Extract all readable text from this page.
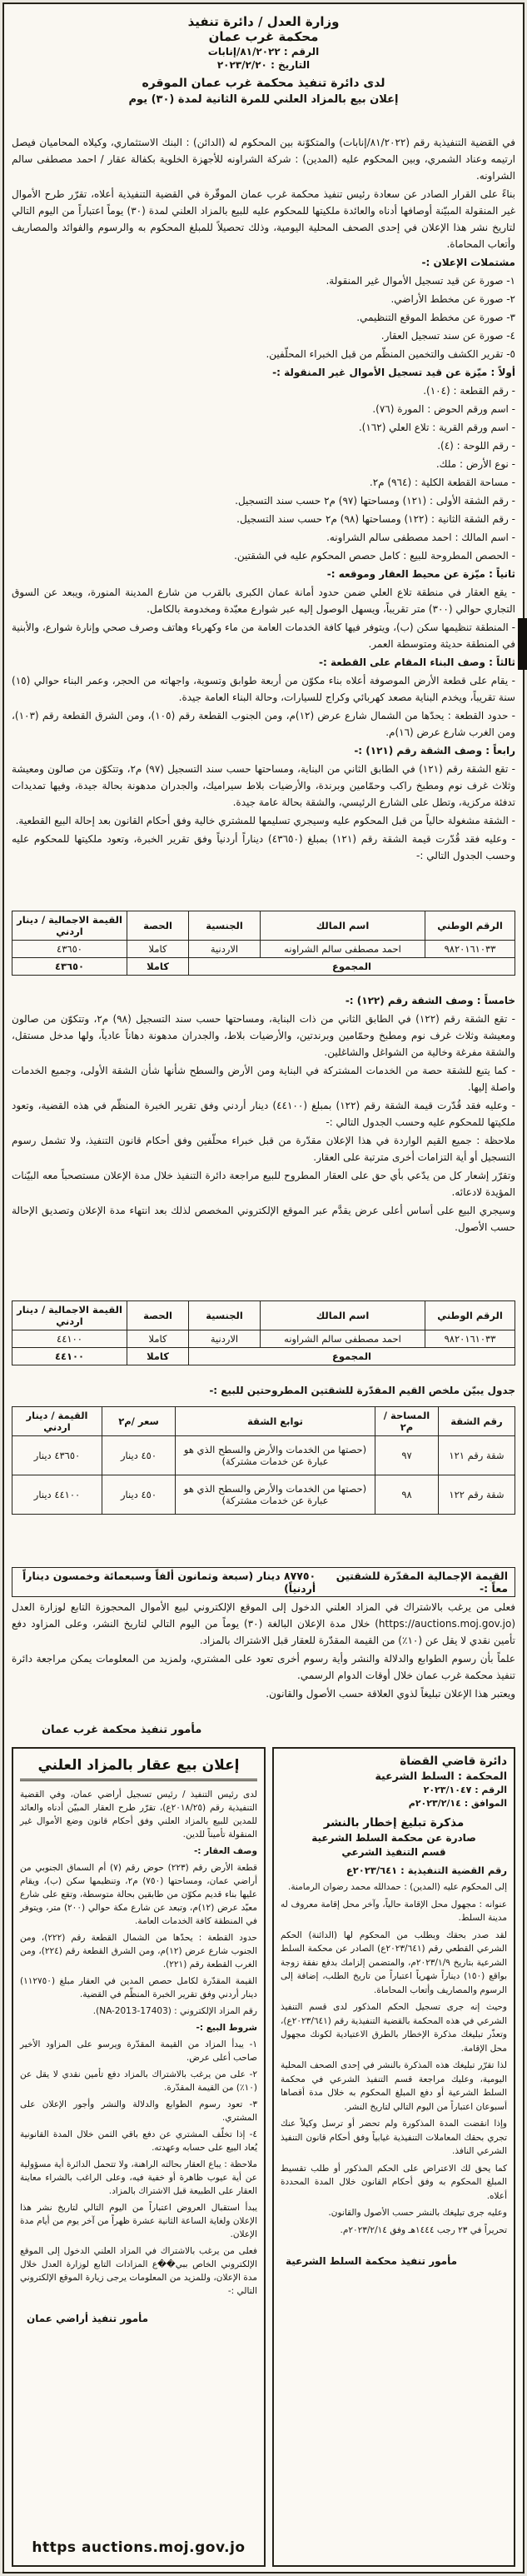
وزارة العدل / دائرة تنفيذ
محكمة غرب عمان
الرقم : ٨١/٢٠٢٢/إنابات
التاريخ : ٢٠٢٣/٢/٢٠
لدى دائرة تنفيذ محكمة غرب عمان الموقره
إعلان بيع بالمزاد العلني للمرة الثانية لمدة (٣٠) يوم
في القضية التنفيذية رقم (٨١/٢٠٢٢/إنابات) والمتكوّنة بين المحكوم له (الدائن) : البنك الاستثماري، وكيلاه المحاميان فيصل ارتيمه وعناد الشمري، وبين المحكوم عليه (المدين) : شركة الشراونه للأجهزة الخلوية بكفالة عقار / احمد مصطفى سالم الشراونه.
بناءً على القرار الصادر عن سعادة رئيس تنفيذ محكمة غرب عمان الموقّرة في القضية التنفيذية أعلاه، تقرّر طرح الأموال غير المنقولة المبيّنة أوصافها أدناه والعائدة ملكيتها للمحكوم عليه للبيع بالمزاد العلني لمدة (٣٠) يوماً اعتباراً من اليوم التالي لتاريخ نشر هذا الإعلان في إحدى الصحف المحلية اليومية، وذلك تحصيلاً للمبلغ المحكوم به والرسوم والفوائد والمصاريف وأتعاب المحاماة.
مشتملات الإعلان :-
١- صورة عن قيد تسجيل الأموال غير المنقولة.
٢- صورة عن مخطط الأراضي.
٣- صورة عن مخطط الموقع التنظيمي.
٤- صورة عن سند تسجيل العقار.
٥- تقرير الكشف والتخمين المنظّم من قبل الخبراء المحلّفين.
أولاً : ميّزة عن قيد تسجيل الأموال غير المنقولة :-
- رقم القطعة : (١٠٤).
- اسم ورقم الحوض : المورة (٧٦).
- اسم ورقم القرية : تلاع العلي (١٦٢).
- رقم اللوحة : (٤).
- نوع الأرض : ملك.
- مساحة القطعة الكلية : (٩٦٤) م٢.
- رقم الشقة الأولى : (١٢١) ومساحتها (٩٧) م٢ حسب سند التسجيل.
- رقم الشقة الثانية : (١٢٢) ومساحتها (٩٨) م٢ حسب سند التسجيل.
- اسم المالك : احمد مصطفى سالم الشراونه.
- الحصص المطروحة للبيع : كامل حصص المحكوم عليه في الشقتين.
ثانياً : ميّزة عن محيط العقار وموقعه :-
- يقع العقار في منطقة تلاع العلي ضمن حدود أمانة عمان الكبرى بالقرب من شارع المدينة المنورة، ويبعد عن السوق التجاري حوالي (٣٠٠) متر تقريباً، ويسهل الوصول إليه عبر شوارع معبّدة ومخدومة بالكامل.
- المنطقة تنظيمها سكن (ب)، ويتوفر فيها كافة الخدمات العامة من ماء وكهرباء وهاتف وصرف صحي وإنارة شوارع، والأبنية في المنطقة حديثة ومتوسطة العمر.
ثالثاً : وصف البناء المقام على القطعة :-
- يقام على قطعة الأرض الموصوفة أعلاه بناء مكوّن من أربعة طوابق وتسوية، واجهاته من الحجر، وعمر البناء حوالي (١٥) سنة تقريباً، ويخدم البناية مصعد كهربائي وكراج للسيارات، وحالة البناء العامة جيدة.
- حدود القطعة : يحدّها من الشمال شارع عرض (١٢)م، ومن الجنوب القطعة رقم (١٠٥)، ومن الشرق القطعة رقم (١٠٣)، ومن الغرب شارع عرض (١٦)م.
رابعاً : وصف الشقة رقم (١٢١) :-
- تقع الشقة رقم (١٢١) في الطابق الثاني من البناية، ومساحتها حسب سند التسجيل (٩٧) م٢، وتتكوّن من صالون ومعيشة وثلاث غرف نوم ومطبخ راكب وحمّامين وبرندة، والأرضيات بلاط سيراميك، والجدران مدهونة بحالة جيدة، وفيها تمديدات تدفئة مركزية، وتطل على الشارع الرئيسي، والشقة بحالة عامة جيدة.
- الشقة مشغولة حالياً من قبل المحكوم عليه وسيجري تسليمها للمشتري خالية وفق أحكام القانون بعد إحالة البيع القطعية.
- وعليه فقد قُدّرت قيمة الشقة رقم (١٢١) بمبلغ (٤٣٦٥٠) ديناراً أردنياً وفق تقرير الخبرة، وتعود ملكيتها للمحكوم عليه وحسب الجدول التالي :-
الرقم الوطني	اسم المالك	الجنسية	الحصة	القيمة الاجمالية / دينار اردني
٩٨٢٠١٦١٠٣٣	احمد مصطفى سالم الشراونه	الاردنية	كاملا	٤٣٦٥٠
المجموع			كاملا	٤٣٦٥٠
خامساً : وصف الشقة رقم (١٢٢) :-
- تقع الشقة رقم (١٢٢) في الطابق الثاني من ذات البناية، ومساحتها حسب سند التسجيل (٩٨) م٢، وتتكوّن من صالون ومعيشة وثلاث غرف نوم ومطبخ وحمّامين وبرندتين، والأرضيات بلاط، والجدران مدهونة دهاناً عادياً، ولها مدخل مستقل، والشقة مفرغة وخالية من الشواغل والشاغلين.
- كما يتبع للشقة حصة من الخدمات المشتركة في البناية ومن الأرض والسطح شأنها شأن الشقة الأولى، وجميع الخدمات واصلة إليها.
- وعليه فقد قُدّرت قيمة الشقة رقم (١٢٢) بمبلغ (٤٤١٠٠) دينار أردني وفق تقرير الخبرة المنظّم في هذه القضية، وتعود ملكيتها للمحكوم عليه وحسب الجدول التالي :-
ملاحظة : جميع القيم الواردة في هذا الإعلان مقدّرة من قبل خبراء محلّفين وفق أحكام قانون التنفيذ، ولا تشمل رسوم التسجيل أو أية التزامات أخرى مترتبة على العقار.
وتقرّر إشعار كل من يدّعي بأي حق على العقار المطروح للبيع مراجعة دائرة التنفيذ خلال مدة الإعلان مستصحباً معه البيّنات المؤيدة لادعائه.
وسيجري البيع على أساس أعلى عرض يقدَّم عبر الموقع الإلكتروني المخصص لذلك بعد انتهاء مدة الإعلان وتصديق الإحالة حسب الأصول.
الرقم الوطني	اسم المالك	الجنسية	الحصة	القيمة الاجمالية / دينار اردني
٩٨٢٠١٦١٠٣٣	احمد مصطفى سالم الشراونه	الاردنية	كاملا	٤٤١٠٠
المجموع			كاملا	٤٤١٠٠
جدول يبيّن ملخص القيم المقدّرة للشقتين المطروحتين للبيع :-
رقم الشقة	المساحة /م٢	توابع الشقة	سعر /م٢	القيمة / دينار اردني
شقة رقم ١٢١	٩٧	(حصتها من الخدمات والأرض والسطح الذي هو عبارة عن خدمات مشتركة)	٤٥٠ دينار	٤٣٦٥٠ دينار
شقة رقم ١٢٢	٩٨	(حصتها من الخدمات والأرض والسطح الذي هو عبارة عن خدمات مشتركة)	٤٥٠ دينار	٤٤١٠٠ دينار
القيمة الإجمالية المقدّرة للشقتين معاً :-
٨٧٧٥٠ دينار (سبعة وثمانون ألفاً وسبعمائة وخمسون ديناراً أردنياً)
فعلى من يرغب بالاشتراك في المزاد العلني الدخول إلى الموقع الإلكتروني لبيع الأموال المحجوزة التابع لوزارة العدل (https://auctions.moj.gov.jo) خلال مدة الإعلان البالغة (٣٠) يوماً من اليوم التالي لتاريخ النشر، وعلى المزاود دفع تأمين نقدي لا يقل عن (١٠٪) من القيمة المقدّرة للعقار قبل الاشتراك بالمزاد.
علماً بأن رسوم الطوابع والدلالة والنشر وأية رسوم أخرى تعود على المشتري، ولمزيد من المعلومات يمكن مراجعة دائرة تنفيذ محكمة غرب عمان خلال أوقات الدوام الرسمي.
ويعتبر هذا الإعلان تبليغاً لذوي العلاقة حسب الأصول والقانون.
مأمور تنفيذ محكمة غرب عمان
دائرة قاضي القضاة
المحكمة : السلط الشرعية
الرقم : ٢٠٢٣/١٠٤٧
الموافق : ٢٠٢٣/٢/١٤م
مذكرة تبليغ إخطار بالنشر
صادرة عن محكمة السلط الشرعية
قسم التنفيذ الشرعي
رقم القضية التنفيذية : ٢٠٢٣/٦٤١ع
إلى المحكوم عليه (المدين) : حمدالله محمد رضوان الرمامنة.
عنوانه : مجهول محل الإقامة حالياً، وآخر محل إقامة معروف له مدينة السلط.
لقد صدر بحقك وبطلب من المحكوم لها (الدائنة) الحكم الشرعي القطعي رقم (٢٠٢٣/٦٤١ع) الصادر عن محكمة السلط الشرعية بتاريخ ٢٠٢٣/١/٩م، والمتضمن إلزامك بدفع نفقة زوجة بواقع (١٥٠) ديناراً شهرياً اعتباراً من تاريخ الطلب، إضافة إلى الرسوم والمصاريف وأتعاب المحاماة.
وحيث إنه جرى تسجيل الحكم المذكور لدى قسم التنفيذ الشرعي في هذه المحكمة بالقضية التنفيذية رقم (٢٠٢٣/٦٤١ع)، وتعذّر تبليغك مذكرة الإخطار بالطرق الاعتيادية لكونك مجهول محل الإقامة.
لذا تقرّر تبليغك هذه المذكرة بالنشر في إحدى الصحف المحلية اليومية، وعليك مراجعة قسم التنفيذ الشرعي في محكمة السلط الشرعية أو دفع المبلغ المحكوم به خلال مدة أقصاها أسبوعان اعتباراً من اليوم التالي لتاريخ النشر.
وإذا انقضت المدة المذكورة ولم تحضر أو ترسل وكيلاً عنك تجري بحقك المعاملات التنفيذية غيابياً وفق أحكام قانون التنفيذ الشرعي النافذ.
كما يحق لك الاعتراض على الحكم المذكور أو طلب تقسيط المبلغ المحكوم به وفق أحكام القانون خلال المدة المحددة أعلاه.
وعليه جرى تبليغك بالنشر حسب الأصول والقانون.
تحريراً في ٢٣ رجب ١٤٤٤هـ وفق ٢٠٢٣/٢/١٤م.
مأمور تنفيذ محكمة السلط الشرعية
إعلان بيع عقار بالمزاد العلني
لدى رئيس التنفيذ / رئيس تسجيل أراضي عمان، وفي القضية التنفيذية رقم (٢٠١٨/٢٥ع)، تقرّر طرح العقار المبيّن أدناه والعائد للمدين للبيع بالمزاد العلني وفق أحكام قانون وضع الأموال غير المنقولة تأميناً للدين.
وصف العقار :-
قطعة الأرض رقم (٢٢٣) حوض رقم (٧) أم السماق الجنوبي من أراضي عمان، ومساحتها (٧٥٠) م٢، وتنظيمها سكن (ب)، ويقام عليها بناء قديم مكوّن من طابقين بحالة متوسطة، وتقع على شارع معبّد عرض (١٢)م، وتبعد عن شارع مكة حوالي (٢٠٠) متر، ويتوفر في المنطقة كافة الخدمات العامة.
حدود القطعة : يحدّها من الشمال القطعة رقم (٢٢٢)، ومن الجنوب شارع عرض (١٢)م، ومن الشرق القطعة رقم (٢٢٤)، ومن الغرب القطعة رقم (٢٢١).
القيمة المقدّرة لكامل حصص المدين في العقار مبلغ (١١٢٧٥٠) دينار أردني وفق تقرير الخبرة المنظّم في القضية.
رقم المزاد الإلكتروني : (17403-NA-2013).
شروط البيع :-
١- يبدأ المزاد من القيمة المقدّرة ويرسو على المزاود الأخير صاحب أعلى عرض.
٢- على من يرغب بالاشتراك بالمزاد دفع تأمين نقدي لا يقل عن (١٠٪) من القيمة المقدّرة.
٣- تعود رسوم الطوابع والدلالة والنشر وأجور الإعلان على المشتري.
٤- إذا تخلّف المشتري عن دفع باقي الثمن خلال المدة القانونية يُعاد البيع على حسابه وعهدته.
ملاحظة : يباع العقار بحالته الراهنة، ولا تتحمل الدائرة أية مسؤولية عن أية عيوب ظاهرة أو خفية فيه، وعلى الراغب بالشراء معاينة العقار على الطبيعة قبل الاشتراك بالمزاد.
يبدأ استقبال العروض اعتباراً من اليوم التالي لتاريخ نشر هذا الإعلان ولغاية الساعة الثانية عشرة ظهراً من آخر يوم من أيام مدة الإعلان.
فعلى من يرغب بالاشتراك في المزاد العلني الدخول إلى الموقع الإلكتروني الخاص ببي��ع المزادات التابع لوزارة العدل خلال مدة الإعلان، وللمزيد من المعلومات يرجى زيارة الموقع الإلكتروني التالي :-
مأمور تنفيذ أراضي عمان
https auctions.moj.gov.jo
